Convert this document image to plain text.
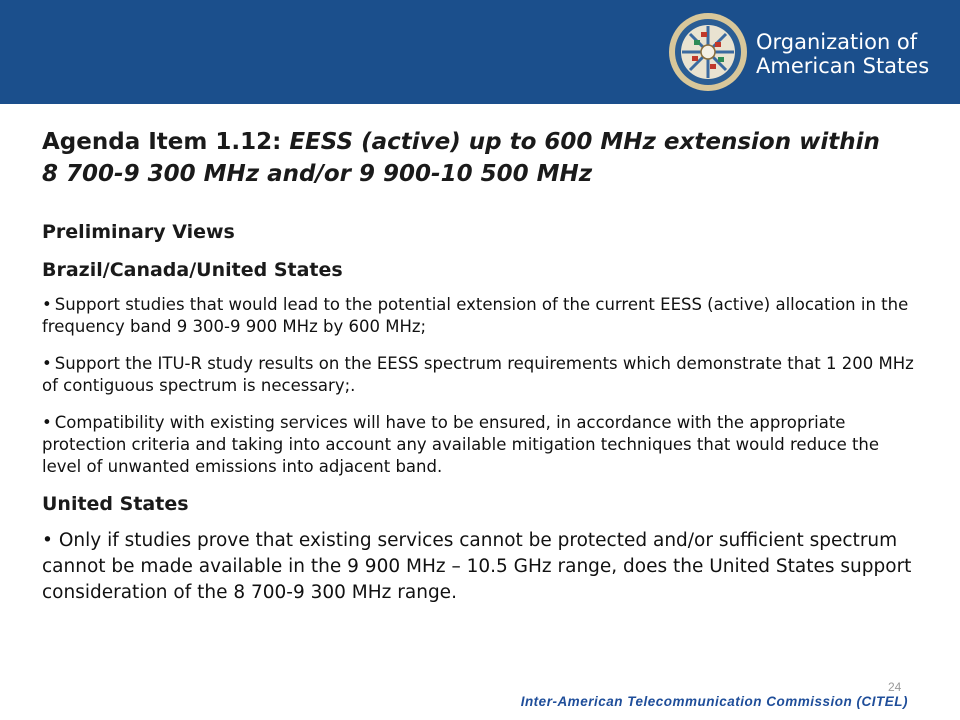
Organization of
American States
Agenda Item 1.12: EESS (active) up to 600 MHz extension within
8 700-9 300 MHz and/or 9 900-10 500 MHz

Preliminary Views

Brazil/Canada/United States

• Support studies that would lead to the potential extension of the current EESS (active) allocation in the frequency band 9 300-9 900 MHz by 600 MHz;

• Support the ITU-R study results on the EESS spectrum requirements which demonstrate that 1 200 MHz of contiguous spectrum is necessary;.

• Compatibility with existing services will have to be ensured, in accordance with the appropriate protection criteria and taking into account any available mitigation techniques that would reduce the level of unwanted emissions into adjacent band.

United States

• Only if studies prove that existing services cannot be protected and/or sufficient spectrum cannot be made available in the 9 900 MHz – 10.5 GHz range, does the United States support consideration of the 8 700-9 300 MHz range.

24
Inter-American Telecommunication Commission (CITEL)
